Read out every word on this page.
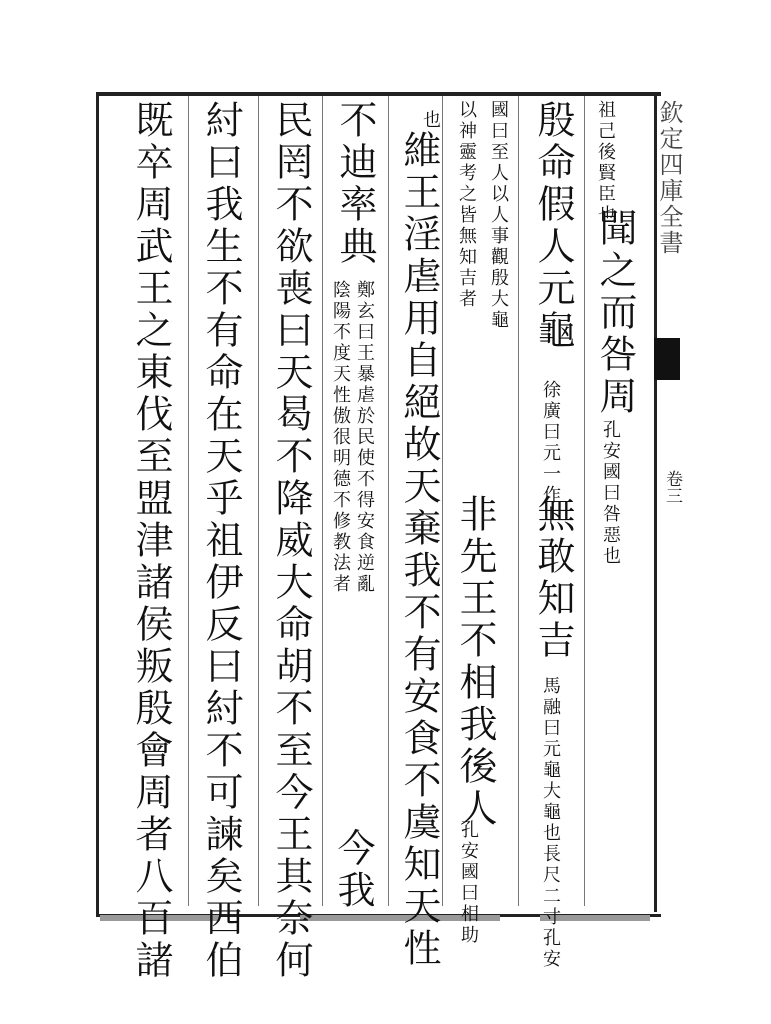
欽定四庫全書
卷三
祖己後賢臣也
聞之而咎周
孔安國曰咎惡也
殷命假人元龜
徐廣曰元一作卜
無敢知吉
馬融曰元龜大龜也長尺二寸孔安
國曰至人以人事觀殷大龜
以神靈考之皆無知吉者
非先王不相我後人
孔安國曰相助
也
維王淫虐用自絕故天棄我不有安食不虞知天性
不迪率典
鄭玄曰王暴虐於民使不得安食逆亂
陰陽不度天性傲很明德不修教法者
今我
民罔不欲喪曰天曷不降威大命胡不至今王其奈何
紂曰我生不有命在天乎祖伊反曰紂不可諫矣西伯
既卒周武王之東伐至盟津諸侯叛殷會周者八百諸
